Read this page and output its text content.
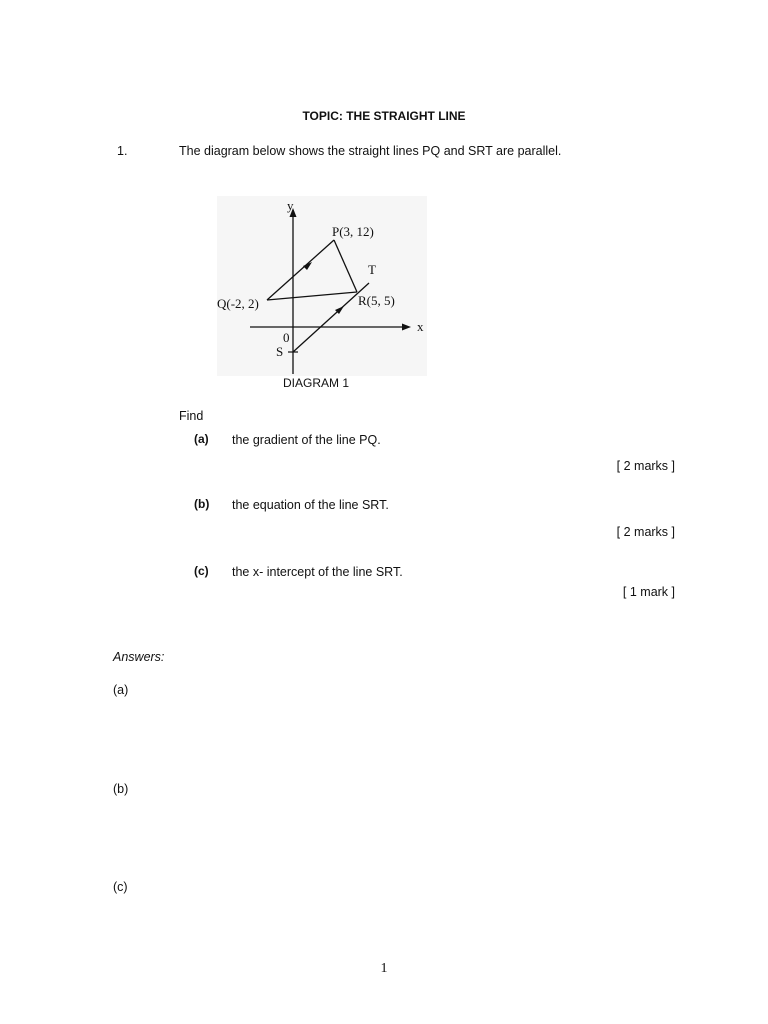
TOPIC: THE STRAIGHT LINE
1.	The diagram below shows the straight lines PQ and SRT are parallel.
y
x
0
P(3, 12)
Q(-2, 2)	R(5, 5)
S
T
DIAGRAM 1
Find
(a) the gradient of the line PQ.
[ 2 marks ]
(b) the equation of the line SRT.
[ 2 marks ]
(c) the x- intercept of the line SRT.
[ 1 mark ]
Answers:
(a)
(b)
(c)
1
